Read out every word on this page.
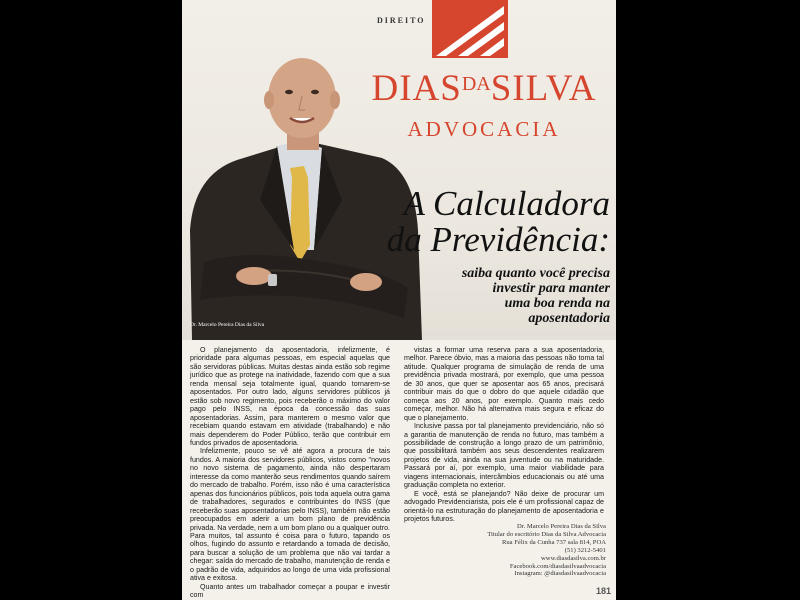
Dr. Marcelo Pereira Dias da Silva
DIREITO
$DIAS^{DA}SILVA$
ADVOCACIA
A Calculadora
da Previdência:
saiba quanto você precisa
investir para manter
uma boa renda na
aposentadoria

O planejamento da aposentadoria, infelizmente, é prioridade para algumas pessoas, em especial aquelas que são servidoras públicas. Muitas destas ainda estão sob regime jurídico que as protege na inatividade, fazendo com que a sua renda mensal seja totalmente igual, quando tornarem-se aposentados. Por outro lado, alguns servidores públicos já estão sob novo regimento, pois receberão o máximo do valor pago pelo INSS, na época da concessão das suas aposentadorias. Assim, para manterem o mesmo valor que recebiam quando estavam em atividade (trabalhando) e não mais dependerem do Poder Público, terão que contribuir em fundos privados de aposentadoria.

Infelizmente, pouco se vê até agora a procura de tais fundos. A maioria dos servidores públicos, vistos como "novos no novo sistema de pagamento, ainda não despertaram interesse da como manterão seus rendimentos quando saírem do mercado de trabalho. Porém, isso não é uma característica apenas dos funcionários públicos, pois toda aquela outra gama de trabalhadores, segurados e contribuintes do INSS (que receberão suas aposentadorias pelo INSS), também não estão preocupados em aderir a um bom plano de previdência privada. Na verdade, nem a um bom plano ou a qualquer outro. Para muitos, tal assunto é coisa para o futuro, tapando os olhos, fugindo do assunto e retardando a tomada de decisão, para buscar a solução de um problema que não vai tardar a chegar: saída do mercado de trabalho, manutenção de renda e o padrão de vida, adquiridos ao longo de uma vida profissional ativa e exitosa.

Quanto antes um trabalhador começar a poupar e investir com

vistas a formar uma reserva para a sua aposentadoria, melhor. Parece óbvio, mas a maioria das pessoas não toma tal atitude. Qualquer programa de simulação de renda de uma previdência privada mostrará, por exemplo, que uma pessoa de 30 anos, que quer se aposentar aos 65 anos, precisará contribuir mais do que o dobro do que aquele cidadão que começa aos 20 anos, por exemplo. Quanto mais cedo começar, melhor. Não há alternativa mais segura e eficaz do que o planejamento.

Inclusive passa por tal planejamento previdenciário, não só a garantia de manutenção de renda no futuro, mas também a possibilidade de construção a longo prazo de um patrimônio, que possibilitará também aos seus descendentes realizarem projetos de vida, ainda na sua juventude ou na maturidade. Passará por aí, por exemplo, uma maior viabilidade para viagens internacionais, intercâmbios educacionais ou até uma graduação completa no exterior.

E você, está se planejando? Não deixe de procurar um advogado Previdenciarista, pois ele é um profissional capaz de orientá-lo na estruturação do planejamento de aposentadoria e projetos futuros.

Dr. Marcelo Pereira Dias da Silva
Titular do escritório Dias da Silva Advocacia
Rua Félix da Cunha 737 sala 814, POA
(51) 3212-5401
www.diasdasilva.com.br
Facebook.com/diasdasilvaadvocacia
Instagram: @diasdasilvaadvocacia
181
